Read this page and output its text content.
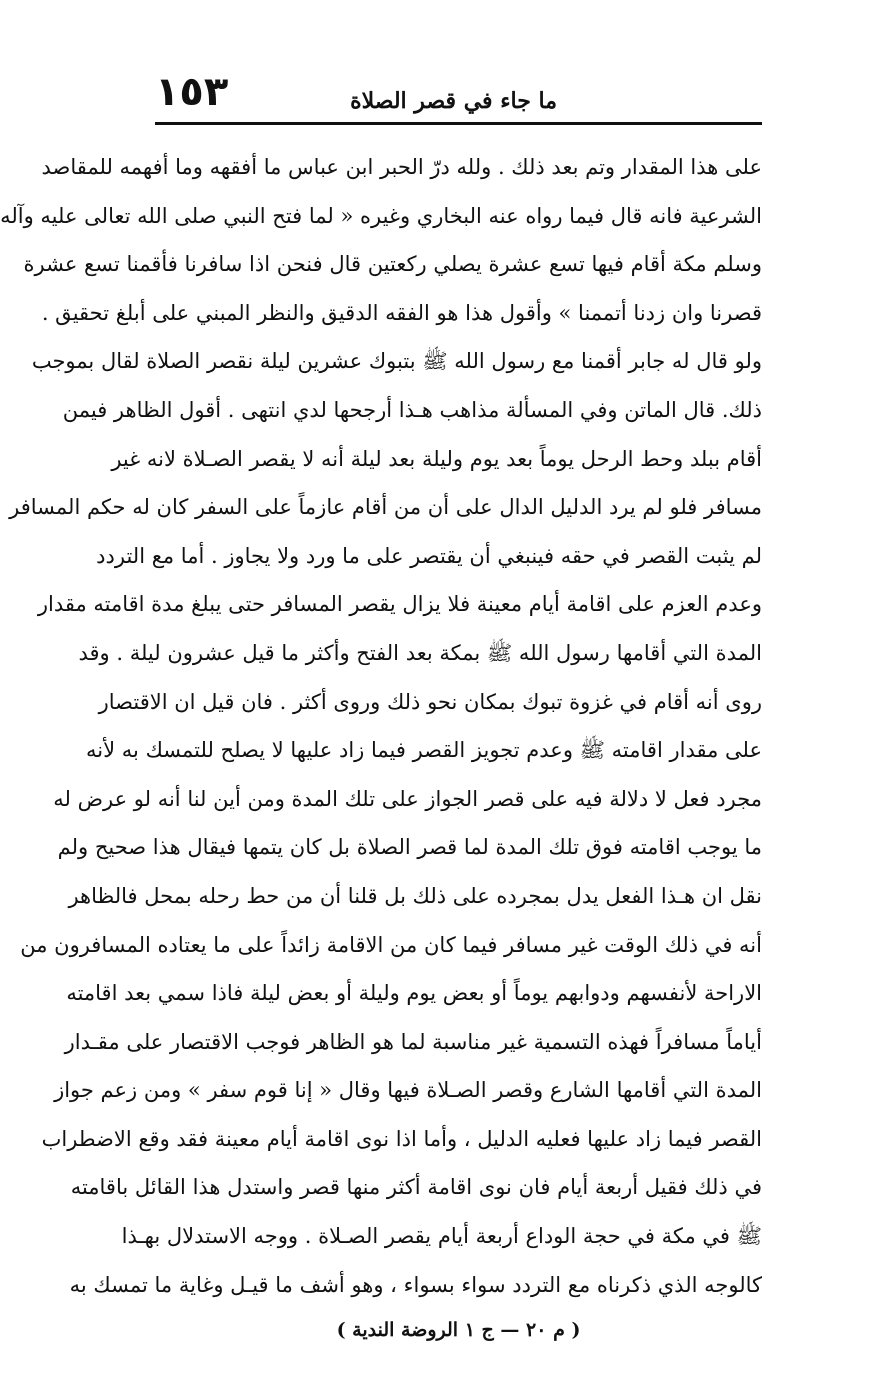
ما جاء في قصر الصلاة
١٥٣
على هذا المقدار وتم بعد ذلك . ولله درّ الحبر ابن عباس ما أفقهه وما أفهمه للمقاصد
الشرعية فانه قال فيما رواه عنه البخاري وغيره « لما فتح النبي صلى الله تعالى عليه وآله
وسلم مكة أقام فيها تسع عشرة يصلي ركعتين قال فنحن اذا سافرنا فأقمنا تسع عشرة
قصرنا وان زدنا أتممنا » وأقول هذا هو الفقه الدقيق والنظر المبني على أبلغ تحقيق .
ولو قال له جابر أقمنا مع رسول الله ﷺ بتبوك عشرين ليلة نقصر الصلاة لقال بموجب
ذلك. قال الماتن وفي المسألة مذاهب هـذا أرجحها لدي انتهى . أقول الظاهر فيمن
أقام ببلد وحط الرحل يوماً بعد يوم وليلة بعد ليلة أنه لا يقصر الصـلاة لانه غير
مسافر فلو لم يرد الدليل الدال على أن من أقام عازماً على السفر كان له حكم المسافر
لم يثبت القصر في حقه فينبغي أن يقتصر على ما ورد ولا يجاوز . أما مع التردد
وعدم العزم على اقامة أيام معينة فلا يزال يقصر المسافر حتى يبلغ مدة اقامته مقدار
المدة التي أقامها رسول الله ﷺ بمكة بعد الفتح وأكثر ما قيل عشرون ليلة . وقد
روى أنه أقام في غزوة تبوك بمكان نحو ذلك وروى أكثر . فان قيل ان الاقتصار
على مقدار اقامته ﷺ وعدم تجويز القصر فيما زاد عليها لا يصلح للتمسك به لأنه
مجرد فعل لا دلالة فيه على قصر الجواز على تلك المدة ومن أين لنا أنه لو عرض له
ما يوجب اقامته فوق تلك المدة لما قصر الصلاة بل كان يتمها فيقال هذا صحيح ولم
نقل ان هـذا الفعل يدل بمجرده على ذلك بل قلنا أن من حط رحله بمحل فالظاهر
أنه في ذلك الوقت غير مسافر فيما كان من الاقامة زائداً على ما يعتاده المسافرون من
الاراحة لأنفسهم ودوابهم يوماً أو بعض يوم وليلة أو بعض ليلة فاذا سمي بعد اقامته
أياماً مسافراً فهذه التسمية غير مناسبة لما هو الظاهر فوجب الاقتصار على مقـدار
المدة التي أقامها الشارع وقصر الصـلاة فيها وقال « إنا قوم سفر » ومن زعم جواز
القصر فيما زاد عليها فعليه الدليل ، وأما اذا نوى اقامة أيام معينة فقد وقع الاضطراب
في ذلك فقيل أربعة أيام فان نوى اقامة أكثر منها قصر واستدل هذا القائل باقامته
ﷺ في مكة في حجة الوداع أربعة أيام يقصر الصـلاة . ووجه الاستدلال بهـذا
كالوجه الذي ذكرناه مع التردد سواء بسواء ، وهو أشف ما قيـل وغاية ما تمسك به
( م ٢٠ — ج ١ الروضة الندية )
